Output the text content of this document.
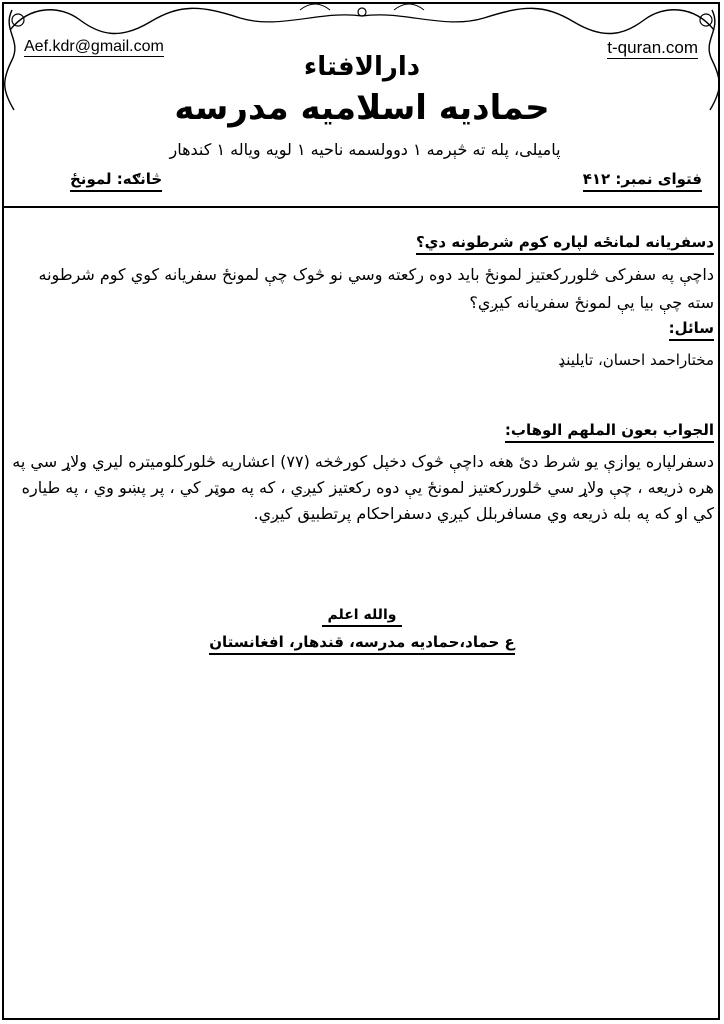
Aef.kdr@gmail.com	t-quran.com
دارالافتاء
حمادیه اسلامیه مدرسه
پامیلی، پله ته څېرمه ۱ دوولسمه ناحیه ۱ لویه ویاله ۱ کندهار
فتوای نمبر: ۴۱۲
څانګه: لمونځ
دسفریانه لمانځه لپاره کوم شرطونه دي؟
داچې په سفرکی څلوررکعتیز لمونځ باید دوه رکعته وسي نو څوک چې لمونځ سفریانه کوي کوم شرطونه سته چې بیا یې لمونځ سفریانه کیږي؟
سائل:
مختاراحمد احسان، تایلینډ
الجواب بعون الملهم الوهاب:
دسفرلپاره یوازې یو شرط دئ هغه داچې څوک دخپل کورڅخه (۷۷) اعشاریه څلورکلومیتره لیري ولاړ سي په هره ذریعه ، چې ولاړ سي څلوررکعتیز لمونځ یې دوه رکعتیز کیږي ، که په موټر کي ، پر پښو وي ، په طیاره کي او که په بله ذریعه وي مسافربلل کیږي دسفراحکام پرتطبیق کیږي.
والله اعلم
ع حماد،حمادیه مدرسه، قندهار، افغانستان
